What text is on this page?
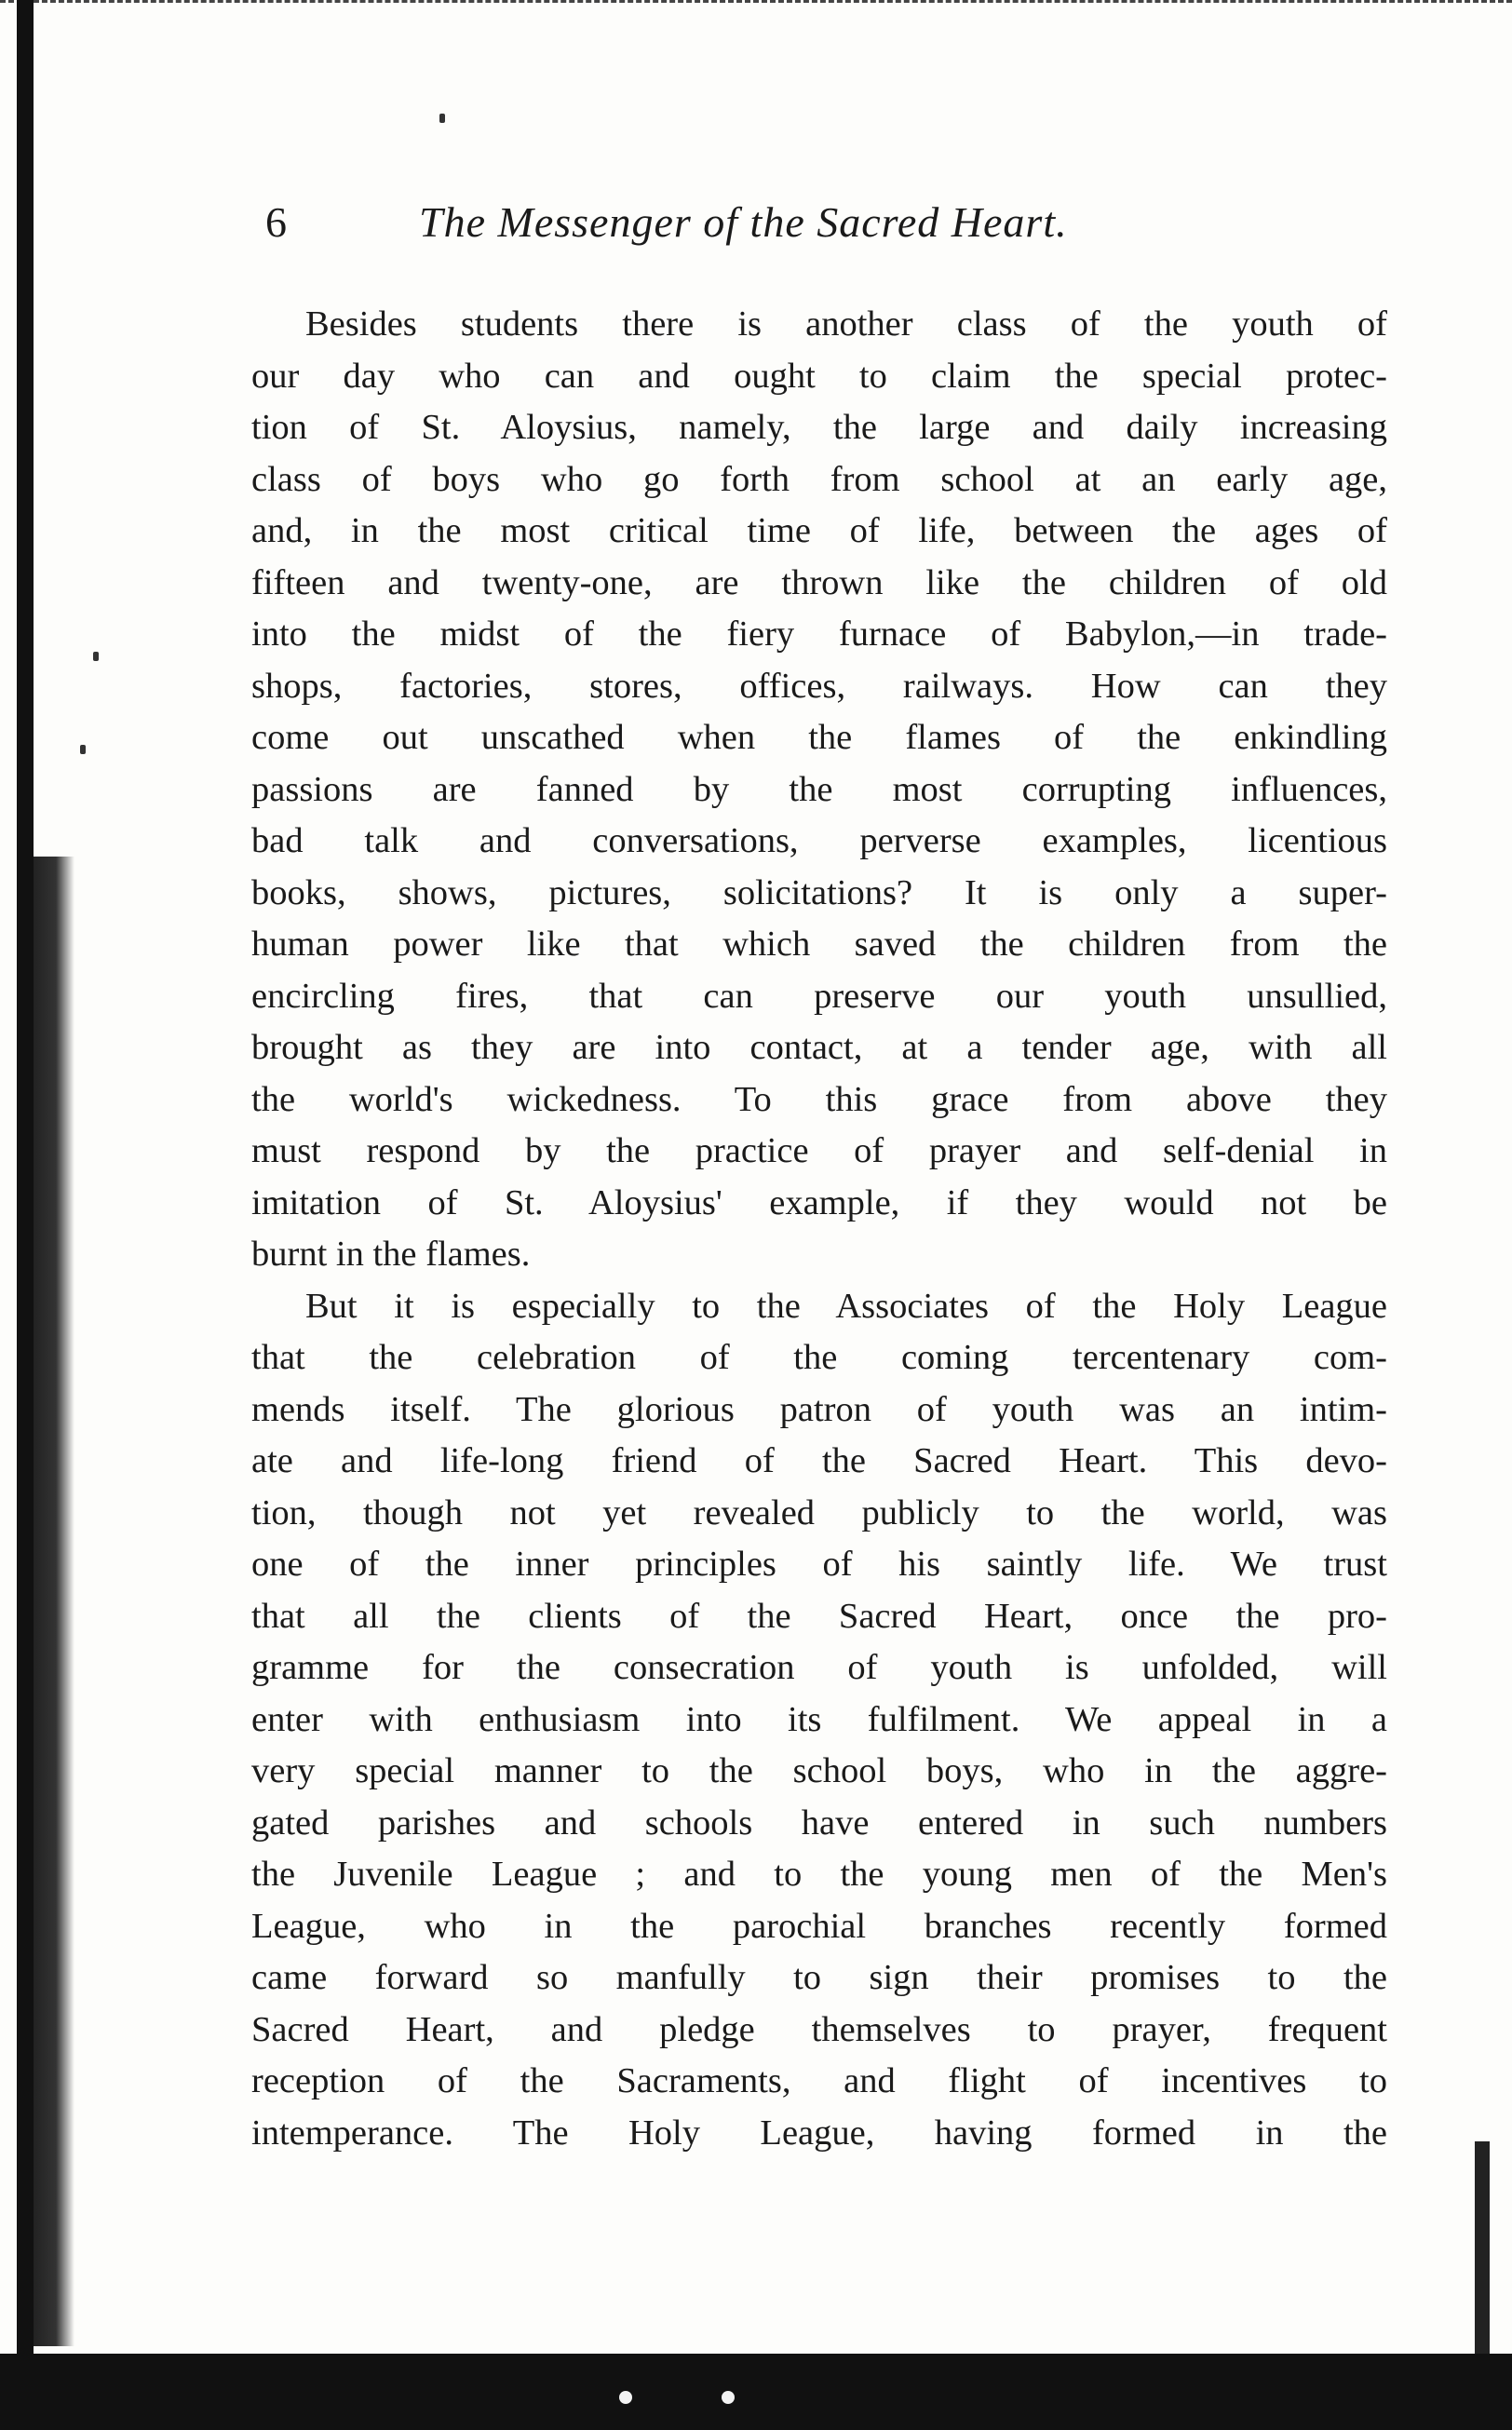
6	The Messenger of the Sacred Heart.
Besides students there is another class of the youth of
our day who can and ought to claim the special protec-
tion of St. Aloysius, namely, the large and daily increasing
class of boys who go forth from school at an early age,
and, in the most critical time of life, between the ages of
fifteen and twenty-one, are thrown like the children of old
into the midst of the fiery furnace of Babylon,—in trade-
shops, factories, stores, offices, railways. How can they
come out unscathed when the flames of the enkindling
passions are fanned by the most corrupting influences,
bad talk and conversations, perverse examples, licentious
books, shows, pictures, solicitations? It is only a super-
human power like that which saved the children from the
encircling fires, that can preserve our youth unsullied,
brought as they are into contact, at a tender age, with all
the world's wickedness. To this grace from above they
must respond by the practice of prayer and self-denial in
imitation of St. Aloysius' example, if they would not be
burnt in the flames.
But it is especially to the Associates of the Holy League
that the celebration of the coming tercentenary com-
mends itself. The glorious patron of youth was an intim-
ate and life-long friend of the Sacred Heart. This devo-
tion, though not yet revealed publicly to the world, was
one of the inner principles of his saintly life. We trust
that all the clients of the Sacred Heart, once the pro-
gramme for the consecration of youth is unfolded, will
enter with enthusiasm into its fulfilment. We appeal in a
very special manner to the school boys, who in the aggre-
gated parishes and schools have entered in such numbers
the Juvenile League ; and to the young men of the Men's
League, who in the parochial branches recently formed
came forward so manfully to sign their promises to the
Sacred Heart, and pledge themselves to prayer, frequent
reception of the Sacraments, and flight of incentives to
intemperance. The Holy League, having formed in the
